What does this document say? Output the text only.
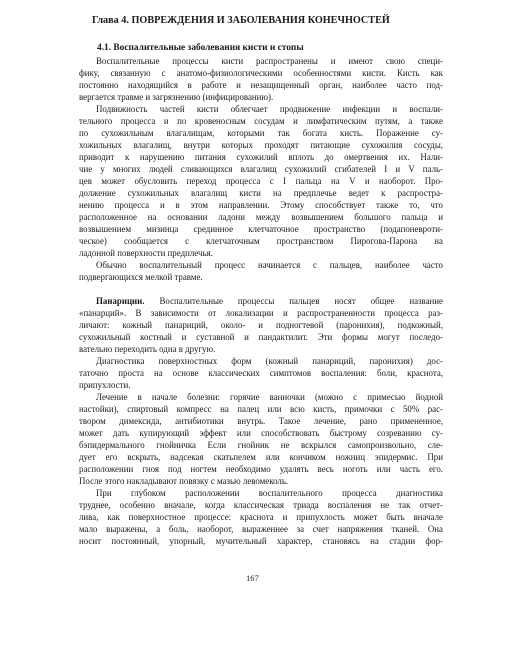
Глава 4. ПОВРЕЖДЕНИЯ И ЗАБОЛЕВАНИЯ КОНЕЧНОСТЕЙ
4.1. Воспалительные заболевания кисти и стопы
Воспалительные процессы кисти распространены и имеют свою специ-
фику, связанную с анатомо-физиологическими особенностями кисти. Кисть как
постоянно находящийся в работе и незащищенный орган, наиболее часто под-
вергается травме и загрязнению (инфицированию).
Подвижность частей кисти облегчает продвижение инфекции и воспали-
тельного процесса и по кровеносным сосудам и лимфатическим путям, а также
по сухожильным влагалищам, которыми так богата кисть. Поражение су-
хожильных влагалищ, внутри которых проходят питающие сухожилия сосуды,
приводит к нарушению питания сухожилий вплоть до омертвения их. Нали-
чие у многих людей сливающихся влагалищ сухожилий сгибателей I и V паль-
цев может обусловить переход процесса с I пальца на V и наоборот. Про-
должение сухожильных влагалищ кисти на предплечье ведет к распростра-
нению процесса и в этом направлении. Этому способствует также то, что
расположенное на основании ладони между возвышением большого пальца и
возвышением мизинца срединное клетчаточное пространство (подапоневроти-
ческое) сообщается с клетчаточным пространством Пирогова-Парона на
ладонной поверхности предплечья.
Обычно воспалительный процесс начинается с пальцев, наиболее часто
подвергающихся мелкой травме.
Панариции. Воспалительные процессы пальцев носят общее название
«панарций». В зависимости от локализации и распространенности процесса раз-
личают: кожный панариций, около- и подногтевой (паронихия), подкожный,
сухожильный костный и суставной и пандактилит. Эти формы могут последо-
вательно переходить одна в другую.
Диагностика поверхностных форм (кожный панариций, паронихия) дос-
таточно проста на основе классических симптомов воспаления: боли, краснота,
припухлости.
Лечение в начале болезни: горячие ванночки (можно с примесью йодной
настойки), спиртовый компресс на палец или всю кисть, примочки с 50% рас-
твором димексида, антибиотики внутрь. Такое лечение, рано примененное,
может дать купирующий эффект или способствовать быстрому созреванию су-
бэпидермального гнойничка Если гнойник не вскрылся самопроизвольно, сле-
дует его вскрыть, надсекая скатьпелем или кончиком ножниц эпидермис. При
расположении гноя под ногтем необходимо удалять весь ноготь или часть его.
После этого накладывают повязку с мазью левомеколь.
При глубоком расположении воспалительного процесса диагностика
труднее, особенно вначале, когда классическая триада воспаления не так отчет-
лива, как поверхностное процессе: краснота и припухлость может быть вначале
мало выражены, а боль, наоборот, выраженнее за счет напряжения тканей. Она
носит постоянный, упорный, мучительный характер, становясь на стадии фор-
167
